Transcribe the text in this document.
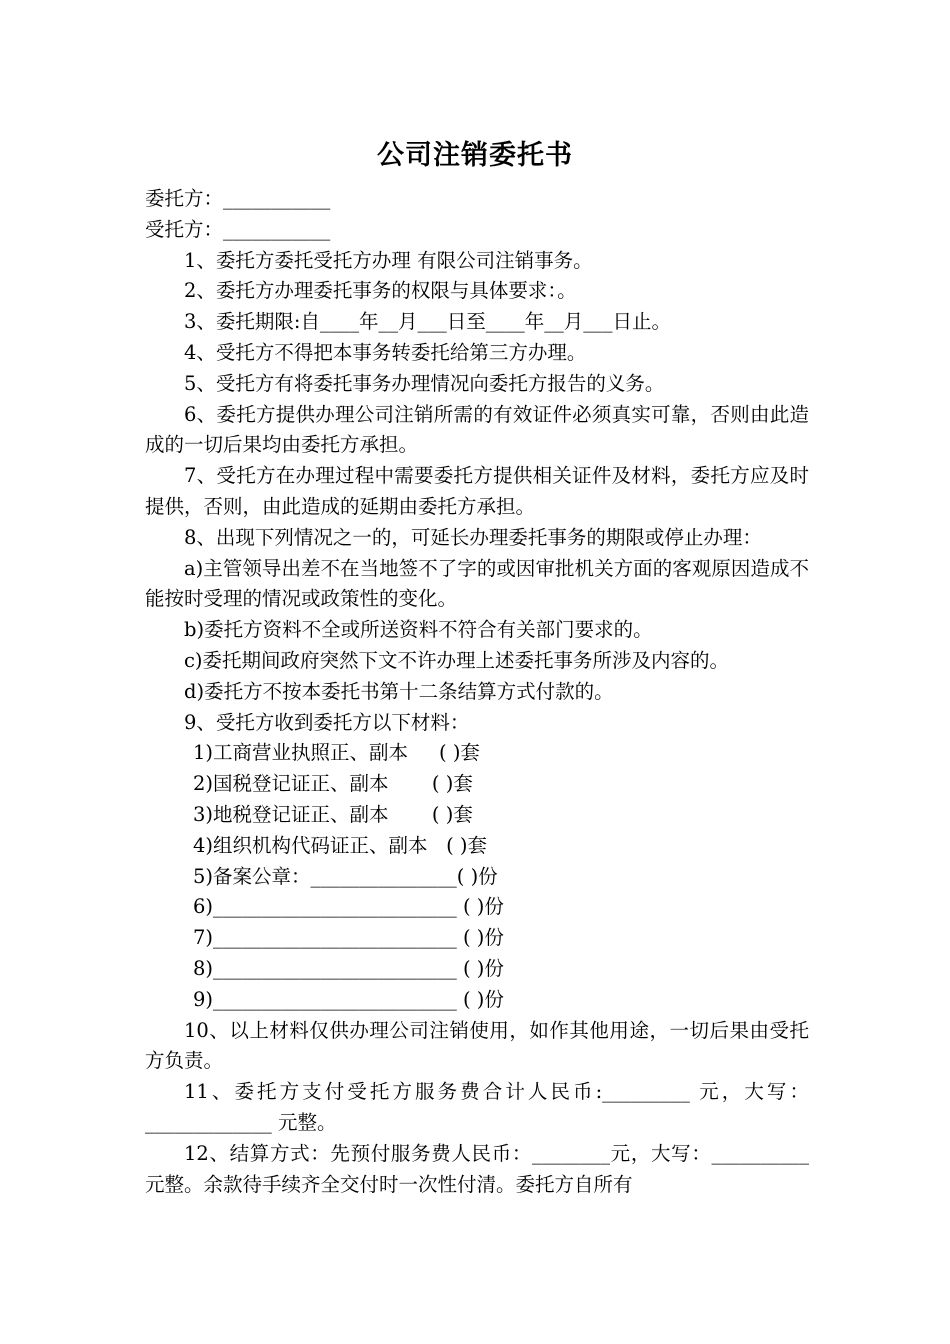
公司注销委托书

委托方：___________

受托方：___________

1、委托方委托受托方办理 有限公司注销事务。

2、委托方办理委托事务的权限与具体要求：。

3、委托期限:自____年__月___日至____年__月___日止。

4、受托方不得把本事务转委托给第三方办理。

5、受托方有将委托事务办理情况向委托方报告的义务。

6、委托方提供办理公司注销所需的有效证件必须真实可靠，否则由此造成的一切后果均由委托方承担。

7、受托方在办理过程中需要委托方提供相关证件及材料，委托方应及时提供，否则，由此造成的延期由委托方承担。

8、出现下列情况之一的，可延长办理委托事务的期限或停止办理：

a)主管领导出差不在当地签不了字的或因审批机关方面的客观原因造成不能按时受理的情况或政策性的变化。

b)委托方资料不全或所送资料不符合有关部门要求的。

c)委托期间政府突然下文不许办理上述委托事务所涉及内容的。

d)委托方不按本委托书第十二条结算方式付款的。

9、受托方收到委托方以下材料：

1)工商营业执照正、副本     ( )套

2)国税登记证正、副本       ( )套

3)地税登记证正、副本       ( )套

4)组织机构代码证正、副本   ( )套

5)备案公章：_______________( )份

6)_________________________ ( )份

7)_________________________ ( )份

8)_________________________ ( )份

9)_________________________ ( )份

10、以上材料仅供办理公司注销使用，如作其他用途，一切后果由受托方负责。

11、委托方支付受托方服务费合计人民币:_________ 元，大写：_____________ 元整。

12、结算方式：先预付服务费人民币：________元，大写：__________元整。余款待手续齐全交付时一次性付清。委托方自所有
